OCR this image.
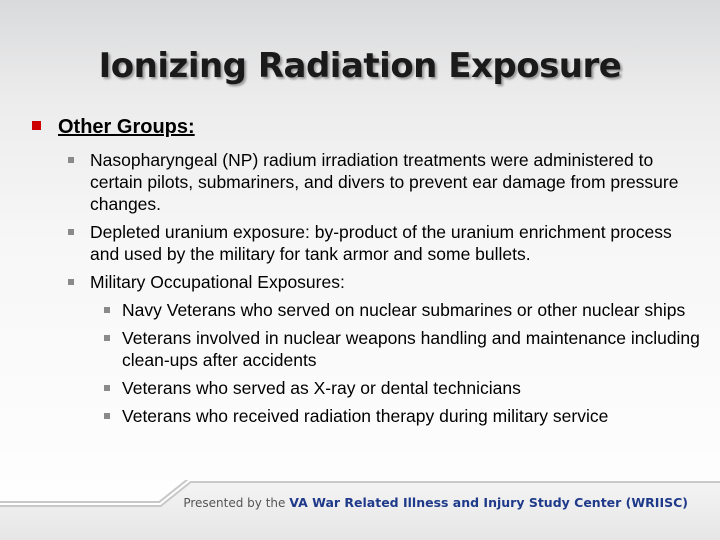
Ionizing Radiation Exposure
Other Groups:
Nasopharyngeal (NP) radium irradiation treatments were administered to certain pilots, submariners, and divers to prevent ear damage from pressure changes.
Depleted uranium exposure: by-product of the uranium enrichment process and used by the military for tank armor and some bullets.
Military Occupational Exposures:
Navy Veterans who served on nuclear submarines or other nuclear ships
Veterans involved in nuclear weapons handling and maintenance including clean-ups after accidents
Veterans who served as X-ray or dental technicians
Veterans who received radiation therapy during military service
Presented by the VA War Related Illness and Injury Study Center (WRIISC)
